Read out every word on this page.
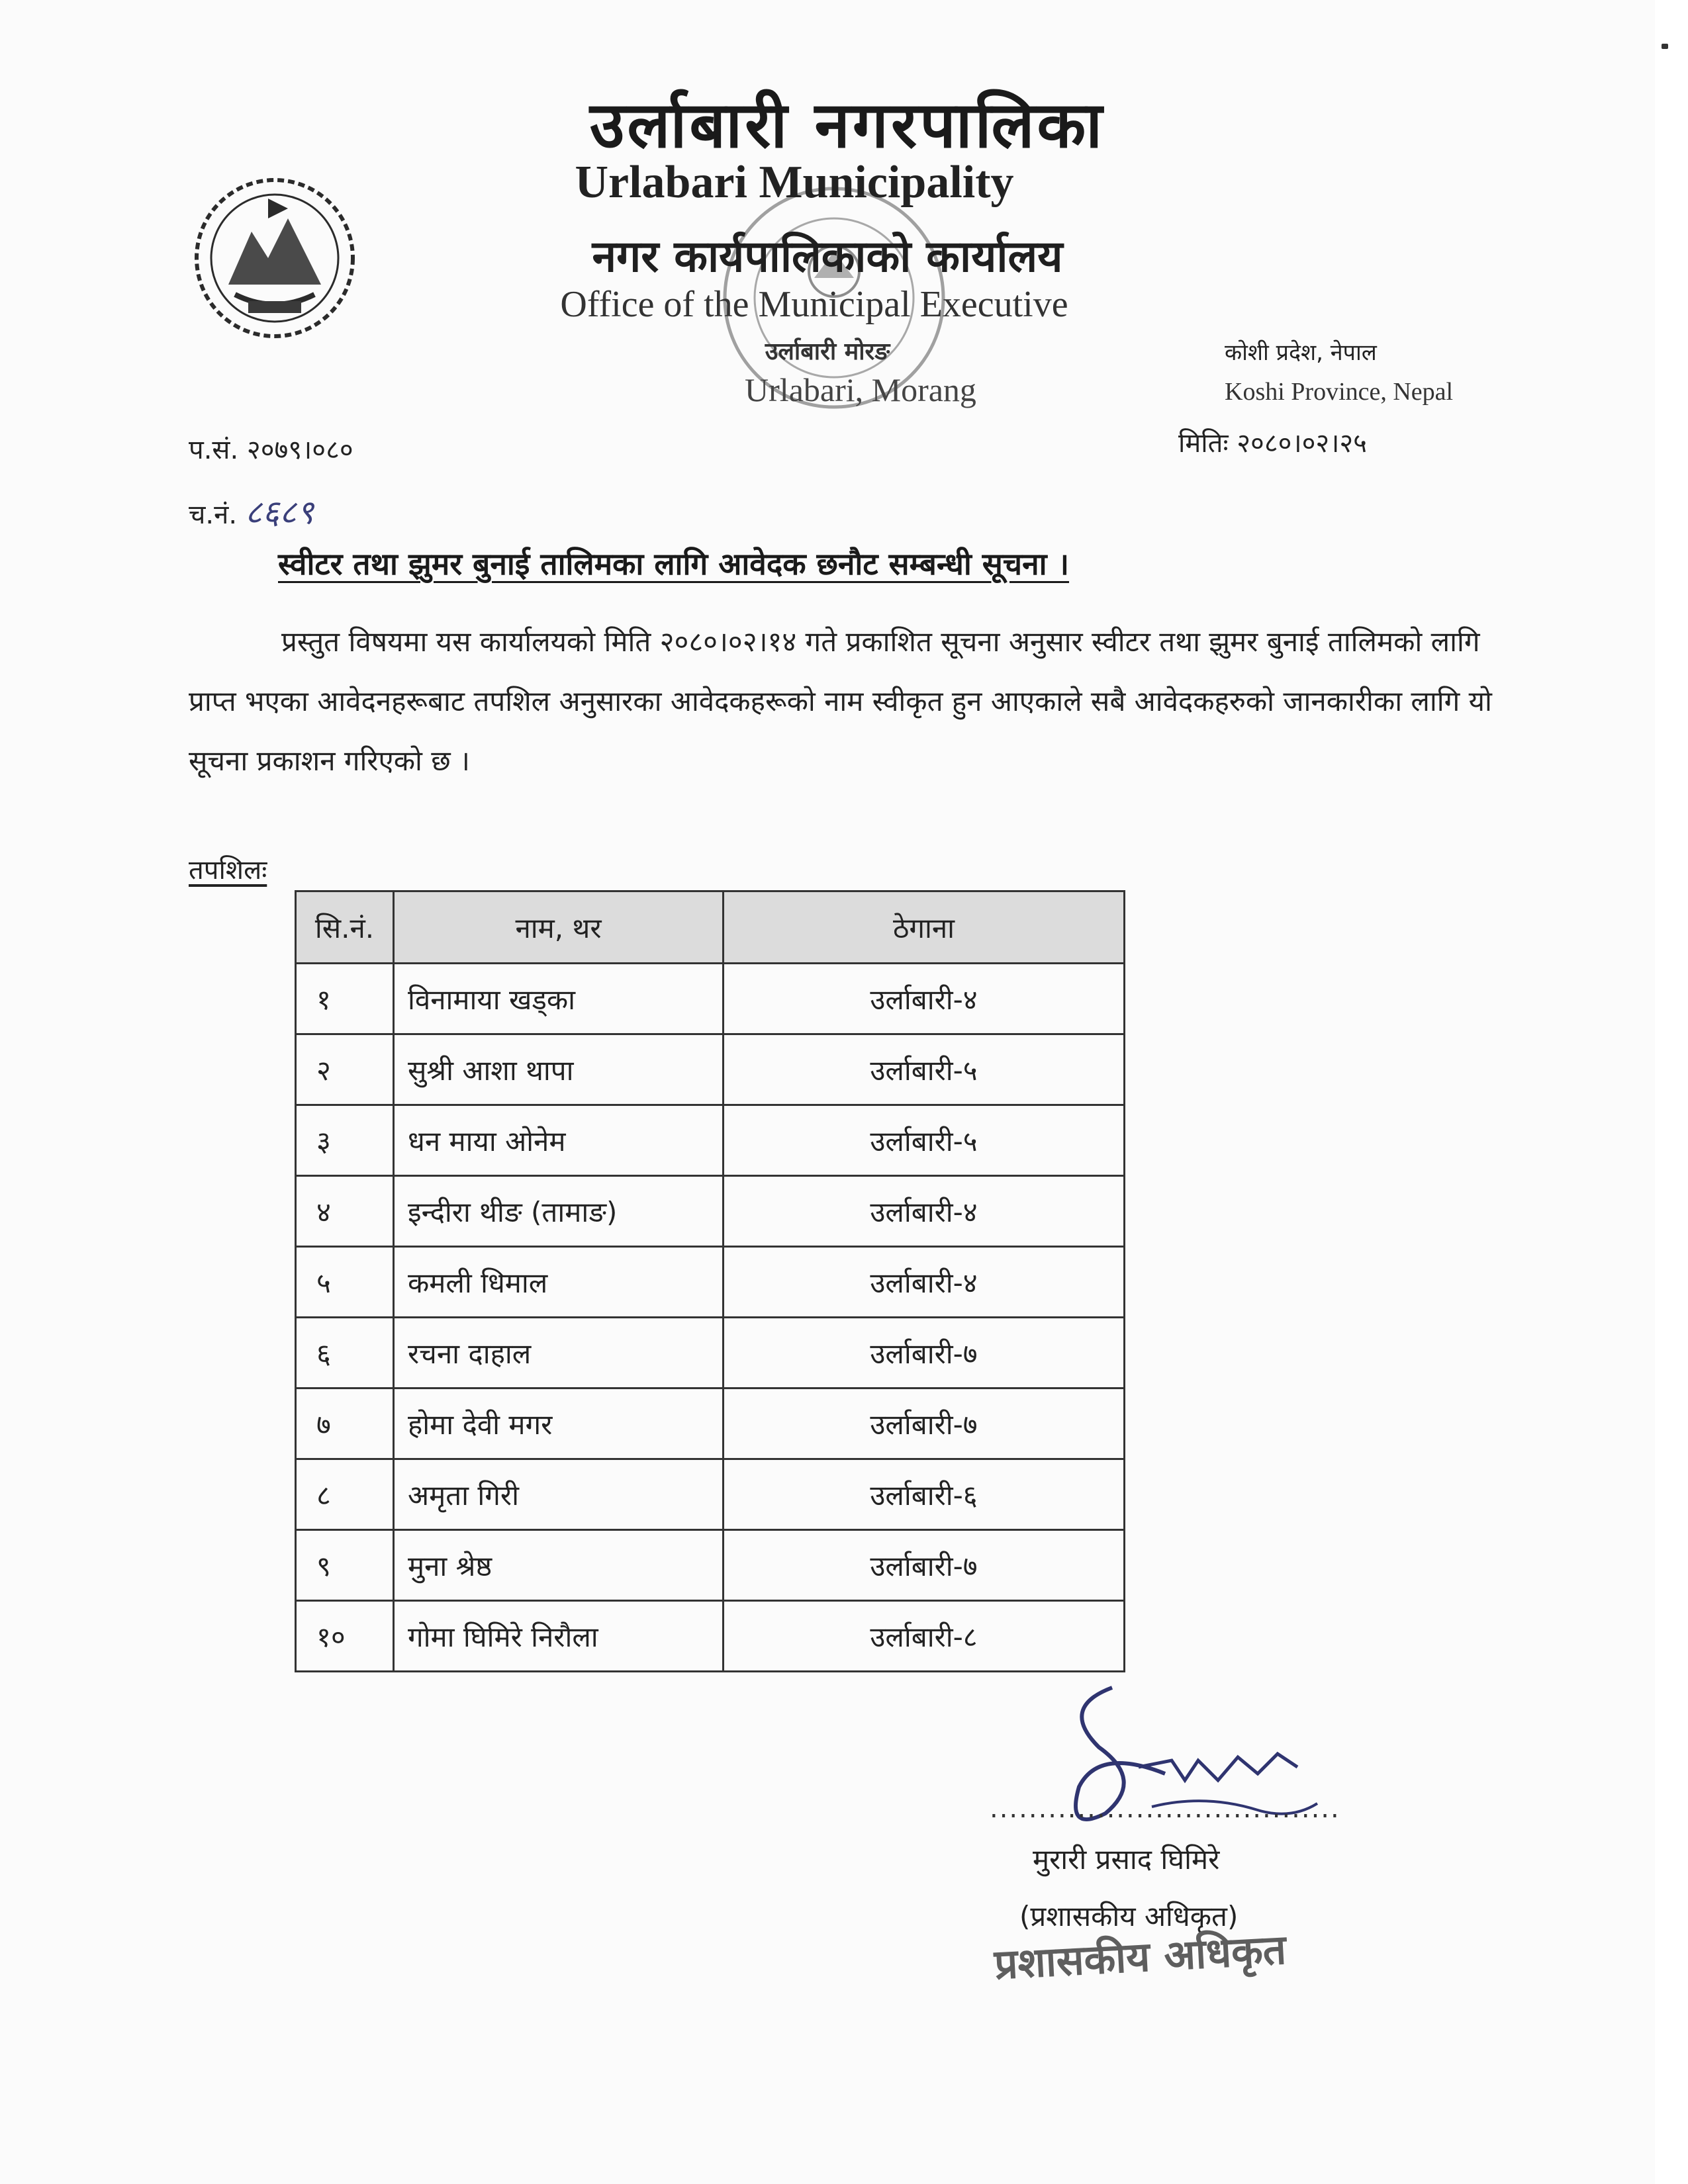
उर्लाबारी नगरपालिका
Urlabari Municipality
नगर कार्यपालिकाको कार्यालय
Office of the Municipal Executive
उर्लाबारी मोरङ
Urlabari, Morang
कोशी प्रदेश, नेपाल
Koshi Province, Nepal
प.सं. २०७९।०८०	मितिः २०८०।०२।२५
च.नं. ८६८९
स्वीटर तथा झुमर बुनाई तालिमका लागि आवेदक छनौट सम्बन्धी सूचना ।
प्रस्तुत विषयमा यस कार्यालयको मिति २०८०।०२।१४ गते प्रकाशित सूचना अनुसार स्वीटर तथा झुमर बुनाई तालिमको लागि प्राप्त भएका आवेदनहरूबाट तपशिल अनुसारका आवेदकहरूको नाम स्वीकृत हुन आएकाले सबै आवेदकहरुको जानकारीका लागि यो सूचना प्रकाशन गरिएको छ ।
तपशिलः
सि.नं.	नाम, थर	ठेगाना
१	विनामाया खड्का	उर्लाबारी-४
२	सुश्री आशा थापा	उर्लाबारी-५
३	धन माया ओनेम	उर्लाबारी-५
४	इन्दीरा थीङ (तामाङ)	उर्लाबारी-४
५	कमली धिमाल	उर्लाबारी-४
६	रचना दाहाल	उर्लाबारी-७
७	होमा देवी मगर	उर्लाबारी-७
८	अमृता गिरी	उर्लाबारी-६
९	मुना श्रेष्ठ	उर्लाबारी-७
१०	गोमा घिमिरे निरौला	उर्लाबारी-८
....................................
मुरारी प्रसाद घिमिरे
(प्रशासकीय अधिकृत)
प्रशासकीय अधिकृत
